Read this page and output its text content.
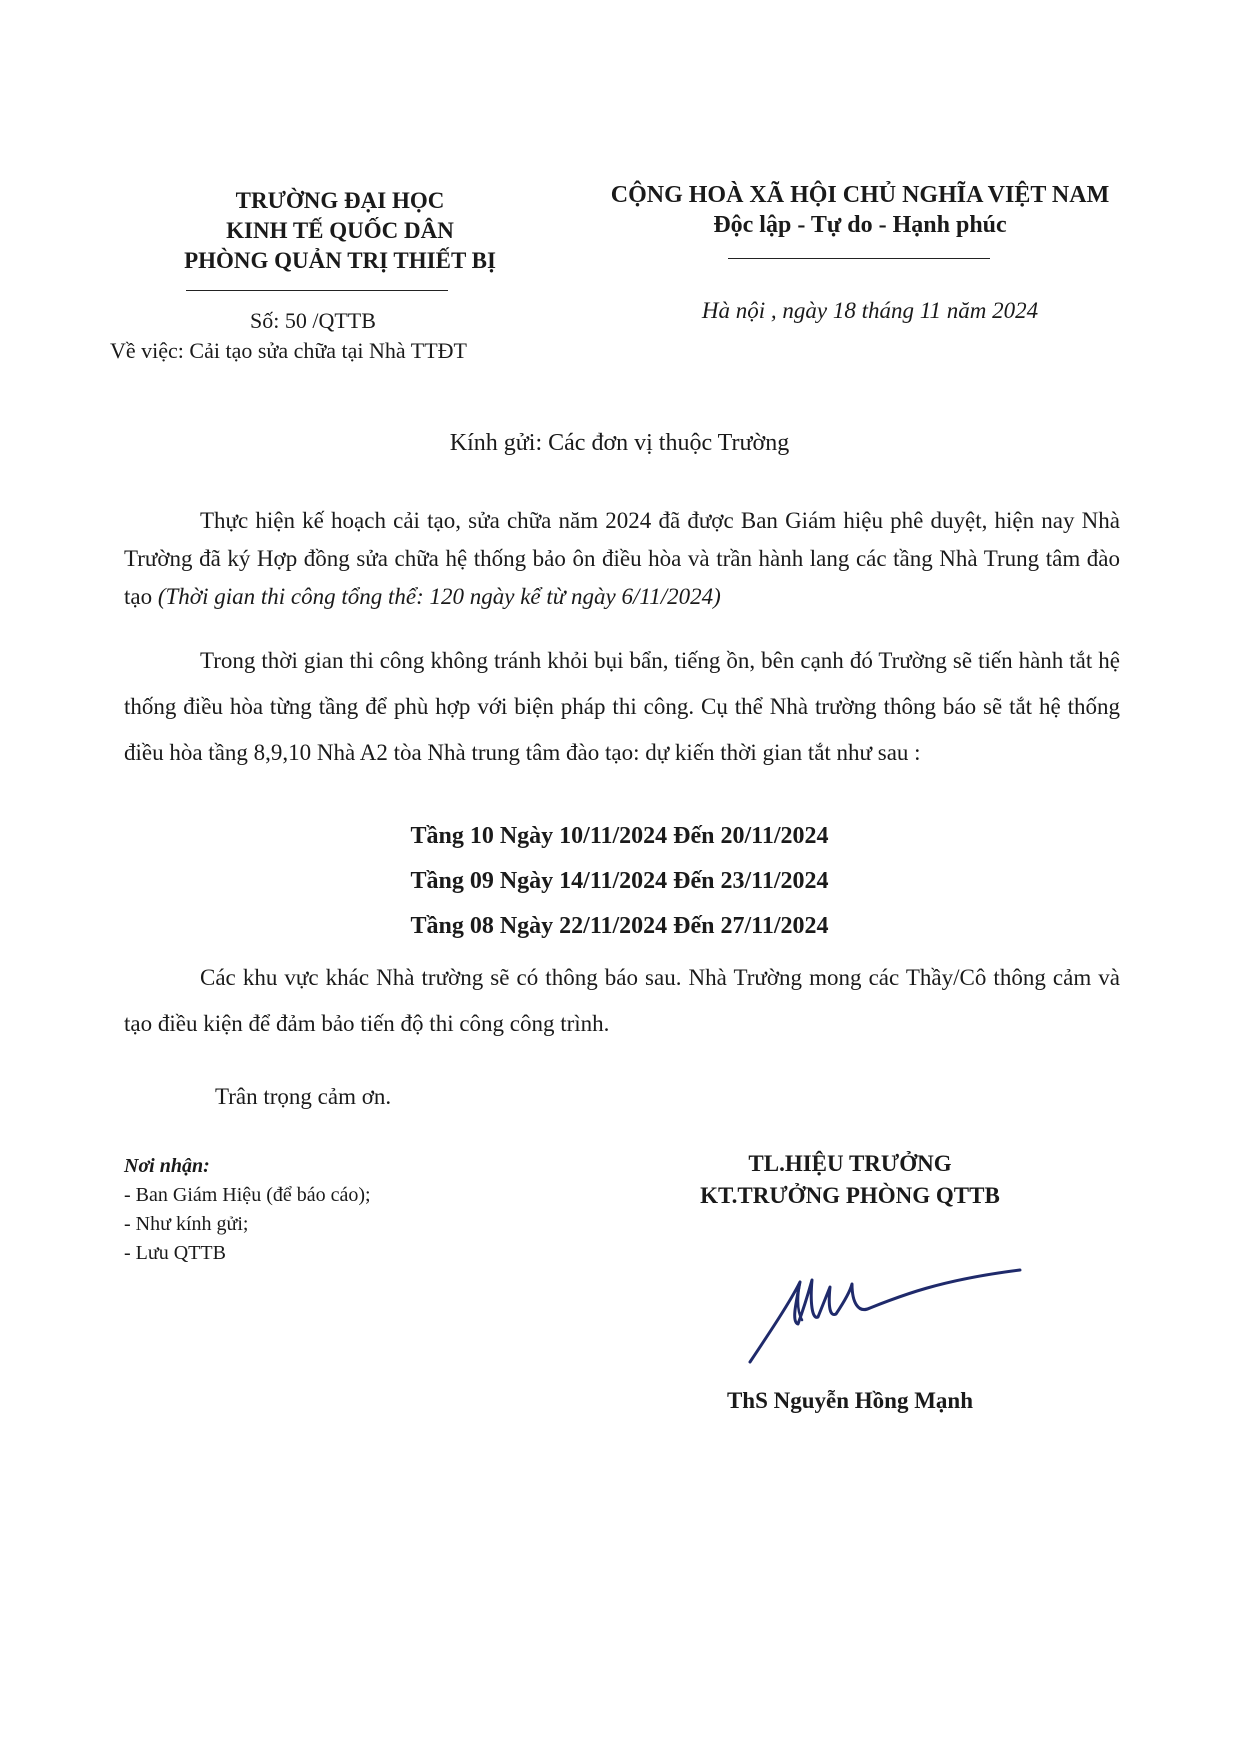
TRƯỜNG ĐẠI HỌC
KINH TẾ QUỐC DÂN
PHÒNG QUẢN TRỊ THIẾT BỊ
CỘNG HOÀ XÃ HỘI CHỦ NGHĨA VIỆT NAM
Độc lập - Tự do - Hạnh phúc
Số: 50 /QTTB
Về việc: Cải tạo sửa chữa tại Nhà TTĐT
Hà nội , ngày 18 tháng 11 năm 2024
Kính gửi: Các đơn vị thuộc Trường

Thực hiện kế hoạch cải tạo, sửa chữa năm 2024 đã được Ban Giám hiệu phê duyệt, hiện nay Nhà Trường đã ký Hợp đồng sửa chữa hệ thống bảo ôn điều hòa và trần hành lang các tầng Nhà Trung tâm đào tạo (Thời gian thi công tổng thể: 120 ngày kể từ ngày 6/11/2024)

Trong thời gian thi công không tránh khỏi bụi bẩn, tiếng ồn, bên cạnh đó Trường sẽ tiến hành tắt hệ thống điều hòa từng tầng để phù hợp với biện pháp thi công. Cụ thể Nhà trường thông báo sẽ tắt hệ thống điều hòa tầng 8,9,10 Nhà A2 tòa Nhà trung tâm đào tạo: dự kiến thời gian tắt như sau :

Tầng 10 Ngày 10/11/2024 Đến 20/11/2024
Tầng 09 Ngày 14/11/2024 Đến 23/11/2024
Tầng 08 Ngày 22/11/2024 Đến 27/11/2024

Các khu vực khác Nhà trường sẽ có thông báo sau. Nhà Trường mong các Thầy/Cô thông cảm và tạo điều kiện để đảm bảo tiến độ thi công công trình.

Trân trọng cảm ơn.
Nơi nhận:
- Ban Giám Hiệu (để báo cáo);
- Như kính gửi;
- Lưu QTTB
TL.HIỆU TRƯỞNG
KT.TRƯỞNG PHÒNG QTTB
ThS Nguyễn Hồng Mạnh
